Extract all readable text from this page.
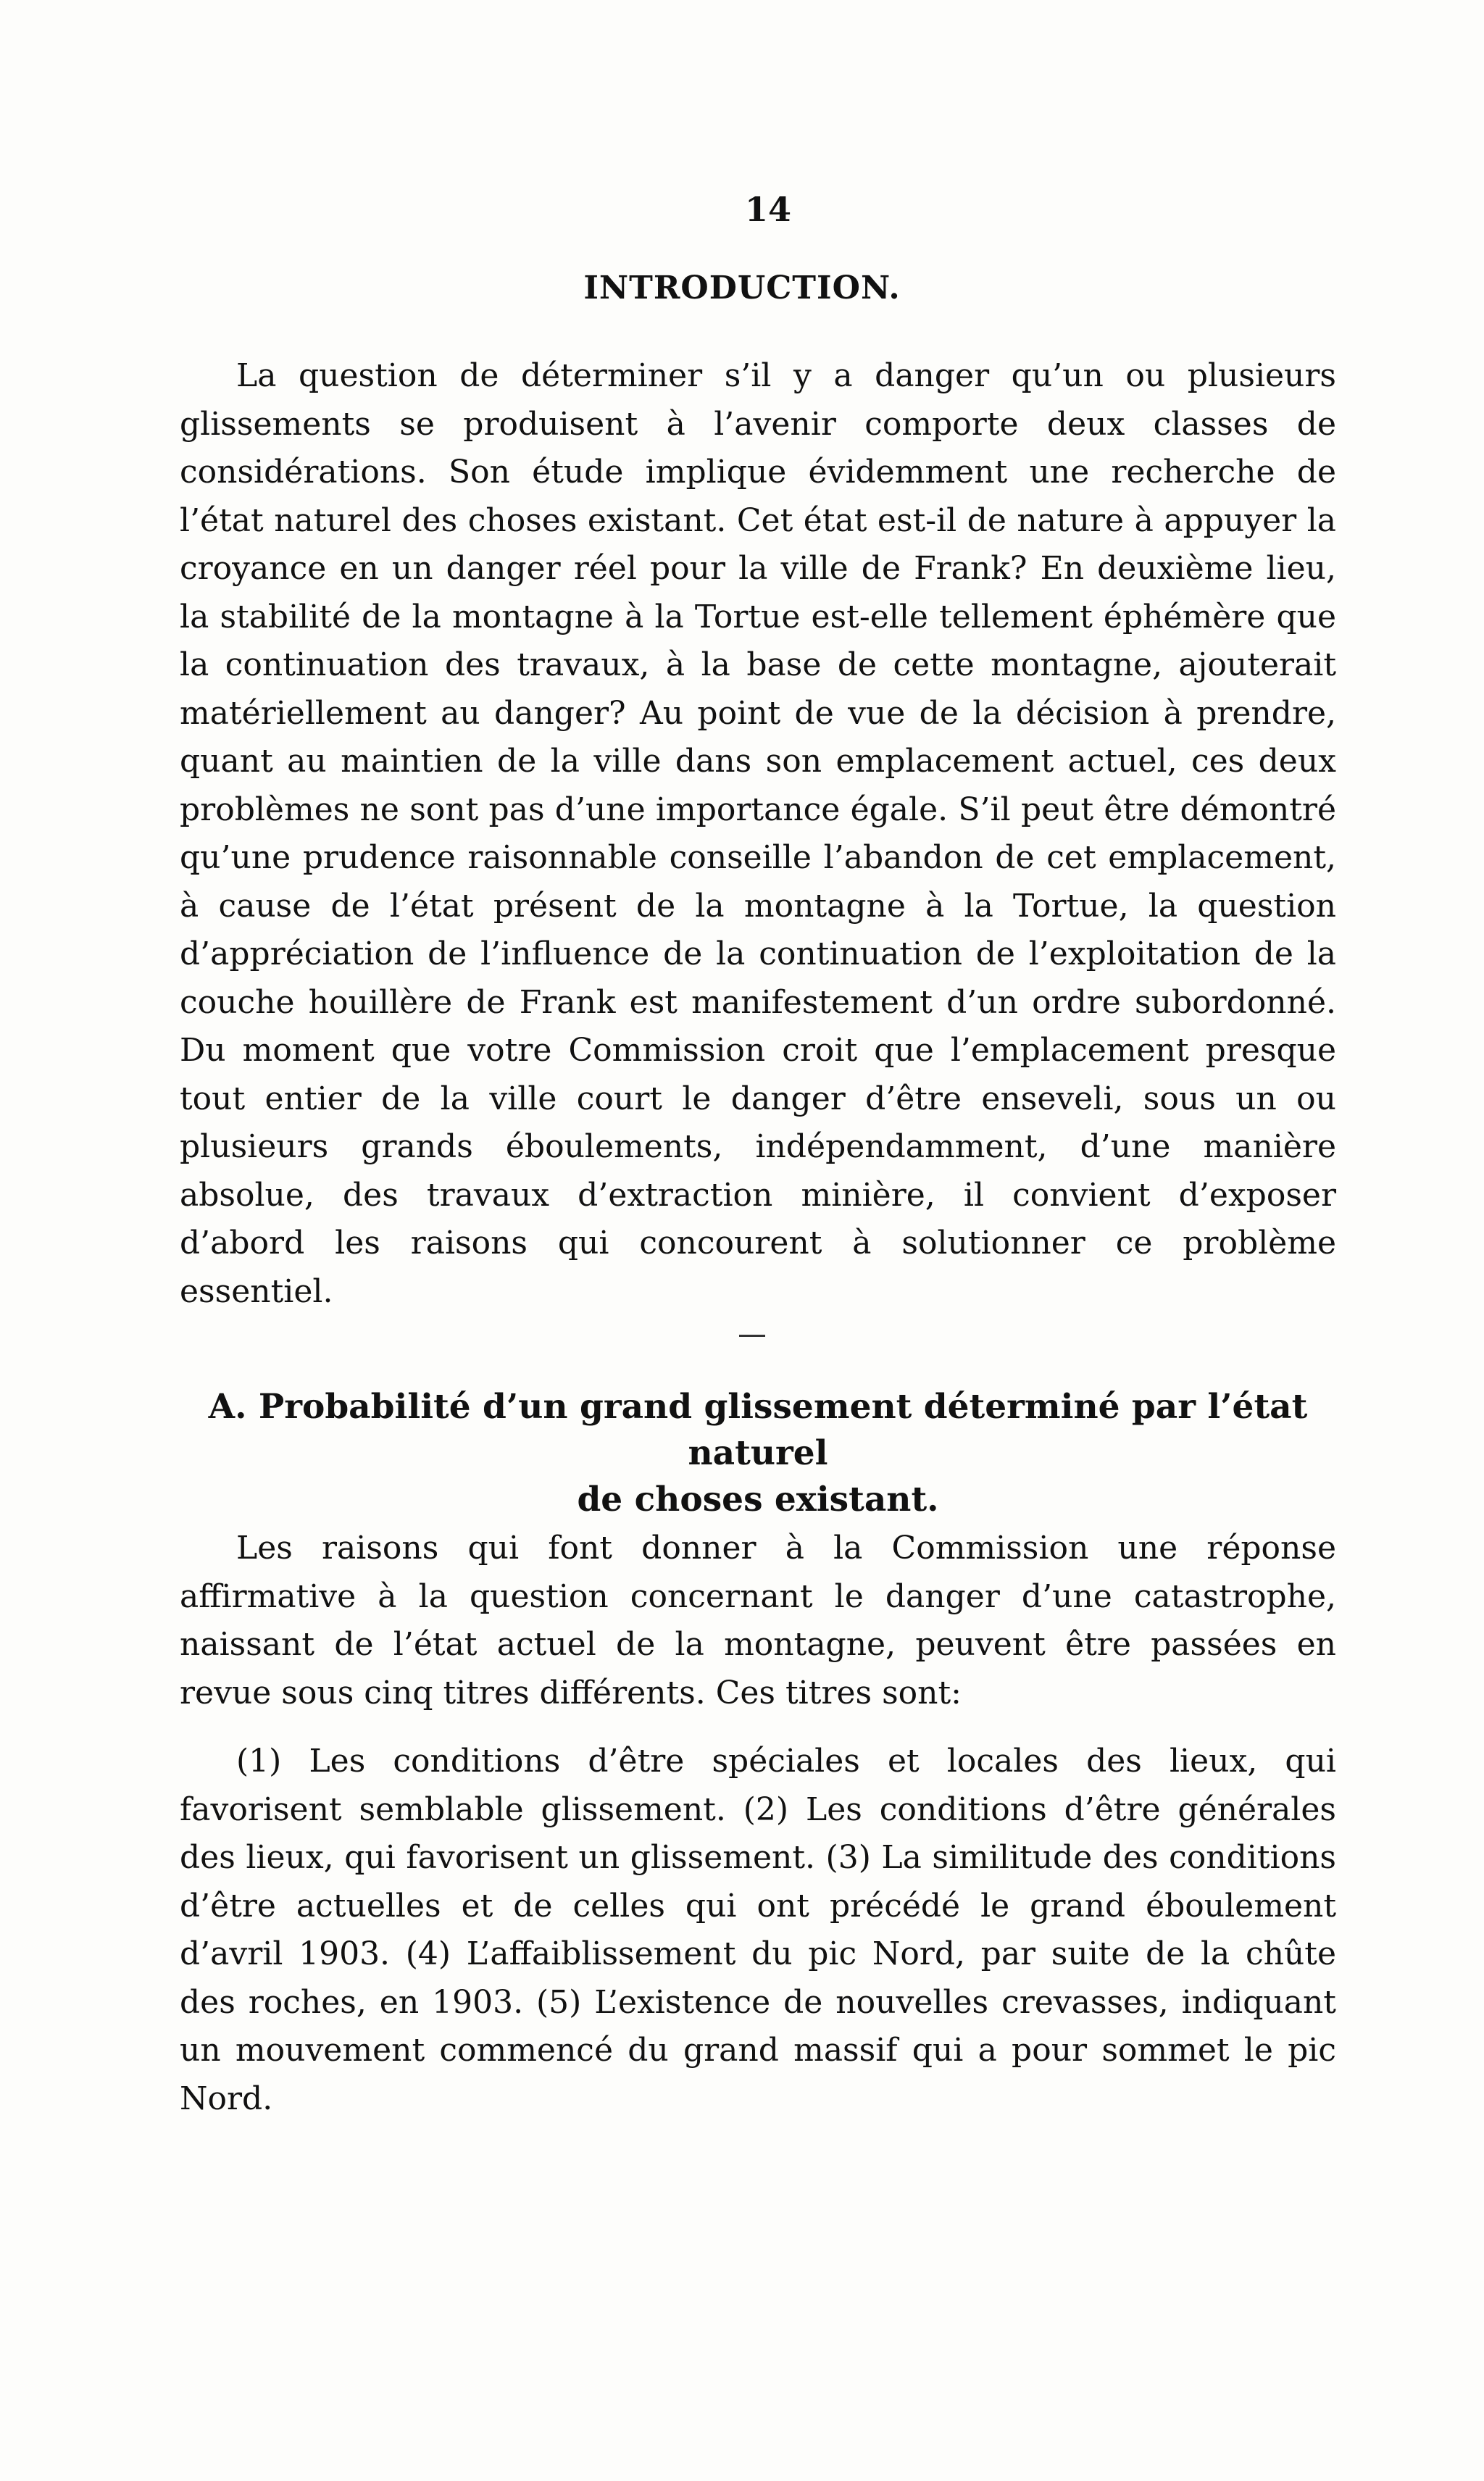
14
INTRODUCTION.

La question de déterminer s’il y a danger qu’un ou plusieurs glissements se produisent à l’avenir comporte deux classes de considérations. Son étude implique évidemment une recherche de l’état naturel des choses existant. Cet état est-il de nature à appuyer la croyance en un danger réel pour la ville de Frank? En deuxième lieu, la stabilité de la montagne à la Tortue est-elle tellement éphémère que la continuation des travaux, à la base de cette montagne, ajouterait matériellement au danger? Au point de vue de la décision à prendre, quant au maintien de la ville dans son emplacement actuel, ces deux problèmes ne sont pas d’une importance égale. S’il peut être démontré qu’une prudence raisonnable conseille l’abandon de cet emplacement, à cause de l’état présent de la montagne à la Tortue, la question d’appréciation de l’influence de la continuation de l’exploitation de la couche houillère de Frank est manifestement d’un ordre subordonné. Du moment que votre Commission croit que l’emplacement presque tout entier de la ville court le danger d’être enseveli, sous un ou plusieurs grands éboulements, indépendamment, d’une manière absolue, des travaux d’extraction minière, il convient d’exposer d’abord les raisons qui concourent à solutionner ce problème essentiel.

A. Probabilité d’un grand glissement déterminé par l’état naturel
de choses existant.

Les raisons qui font donner à la Commission une réponse affirmative à la question concernant le danger d’une catastrophe, naissant de l’état actuel de la montagne, peuvent être passées en revue sous cinq titres différents. Ces titres sont:

(1) Les conditions d’être spéciales et locales des lieux, qui favorisent semblable glissement. (2) Les conditions d’être générales des lieux, qui favorisent un glissement. (3) La similitude des conditions d’être actuelles et de celles qui ont précédé le grand éboulement d’avril 1903. (4) L’affaiblissement du pic Nord, par suite de la chûte des roches, en 1903. (5) L’existence de nouvelles crevasses, indiquant un mouvement commencé du grand massif qui a pour sommet le pic Nord.
